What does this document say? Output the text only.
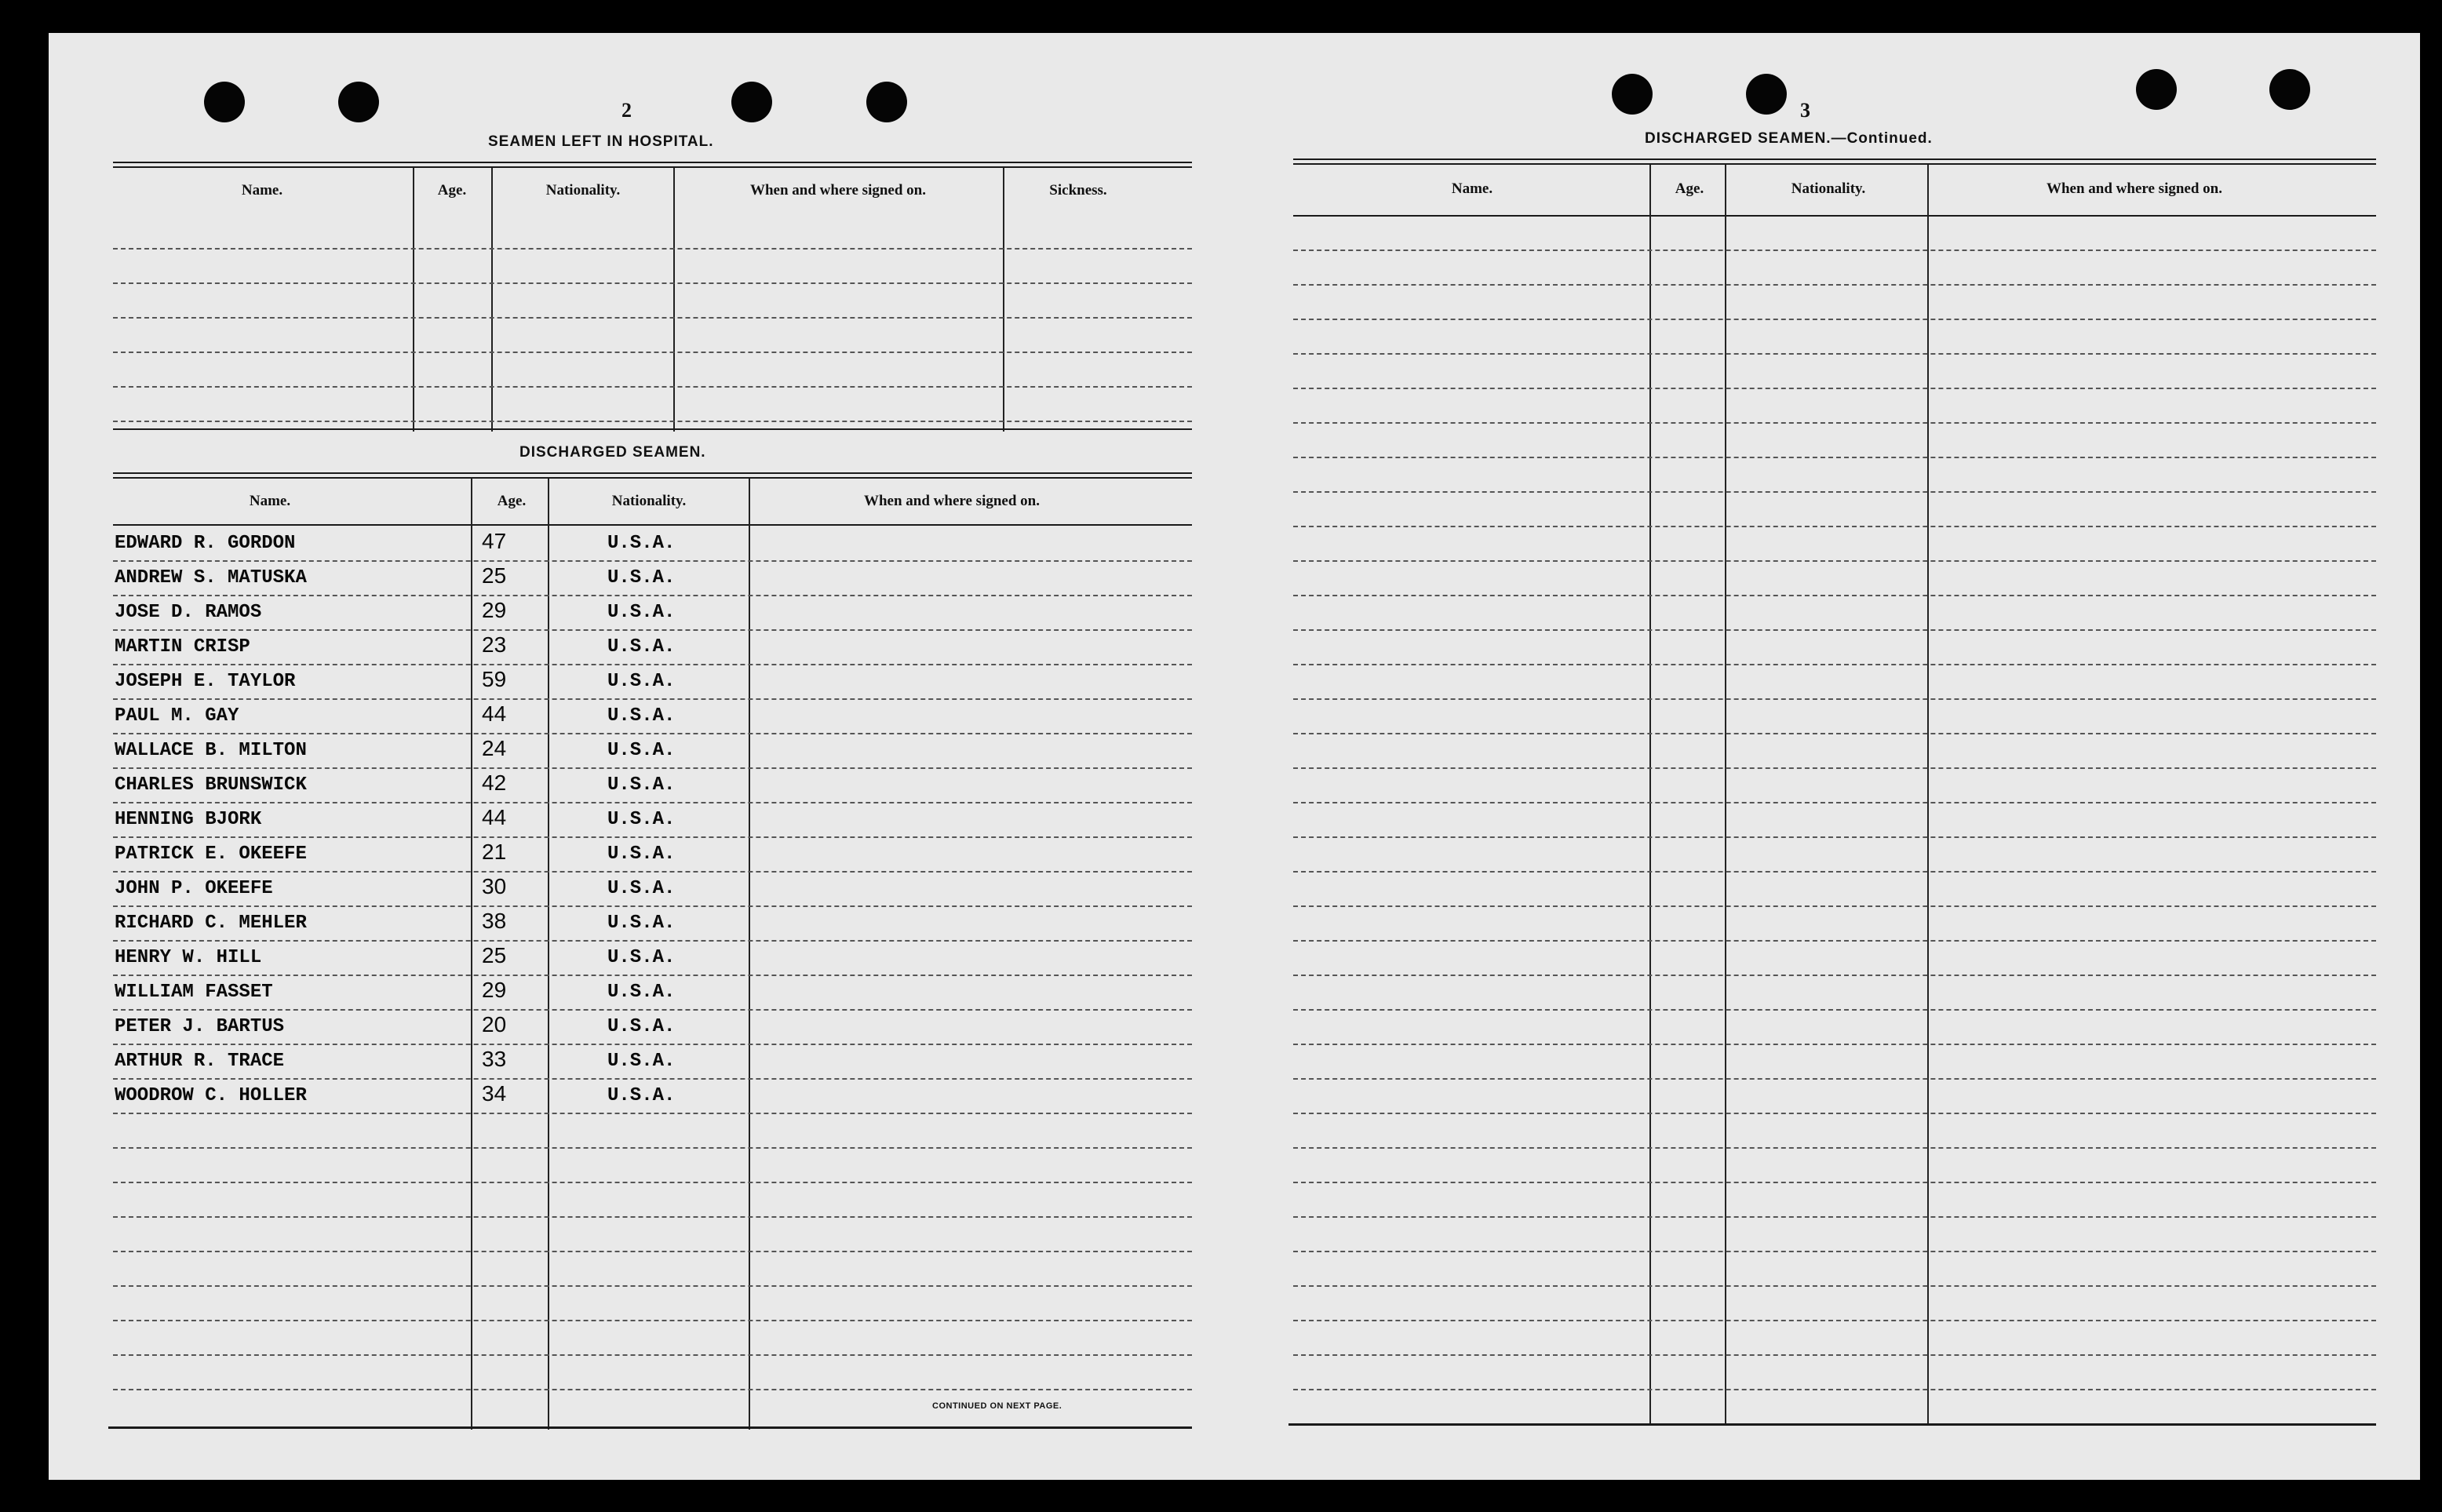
2
SEAMEN LEFT IN HOSPITAL.
Name.	Age.	Nationality.	When and where signed on.	Sickness.
DISCHARGED SEAMEN.
Name.	Age.	Nationality.	When and where signed on.
EDWARD R. GORDON	47	U.S.A.
ANDREW S. MATUSKA	25	U.S.A.
JOSE D. RAMOS	29	U.S.A.
MARTIN CRISP	23	U.S.A.
JOSEPH E. TAYLOR	59	U.S.A.
PAUL M. GAY	44	U.S.A.
WALLACE B. MILTON	24	U.S.A.
CHARLES BRUNSWICK	42	U.S.A.
HENNING BJORK	44	U.S.A.
PATRICK E. OKEEFE	21	U.S.A.
JOHN P. OKEEFE	30	U.S.A.
RICHARD C. MEHLER	38	U.S.A.
HENRY W. HILL	25	U.S.A.
WILLIAM FASSET	29	U.S.A.
PETER J. BARTUS	20	U.S.A.
ARTHUR R. TRACE	33	U.S.A.
WOODROW C. HOLLER	34	U.S.A.
CONTINUED ON NEXT PAGE.
3
DISCHARGED SEAMEN.—Continued.
Name.	Age.	Nationality.	When and where signed on.
